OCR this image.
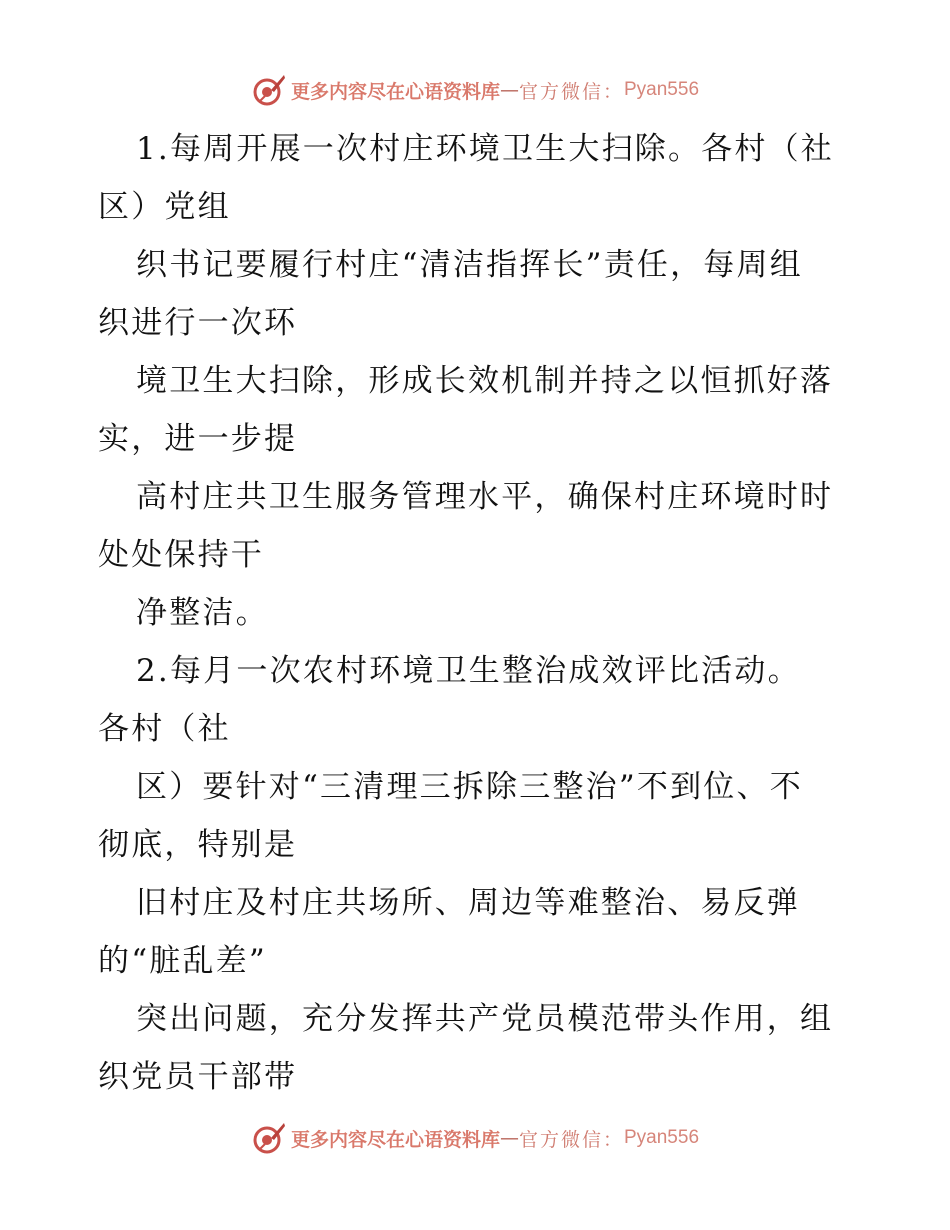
更多内容尽在心语资料库 — 官方微信： Pyan556
1.每周开展一次村庄环境卫生大扫除。各村（社
区）党组
织书记要履行村庄“清洁指挥长”责任，每周组
织进行一次环
境卫生大扫除，形成长效机制并持之以恒抓好落
实，进一步提
高村庄共卫生服务管理水平，确保村庄环境时时
处处保持干
净整洁。
2.每月一次农村环境卫生整治成效评比活动。
各村（社
区）要针对“三清理三拆除三整治”不到位、不
彻底，特别是
旧村庄及村庄共场所、周边等难整治、易反弹
的“脏乱差”
突出问题，充分发挥共产党员模范带头作用，组
织党员干部带
更多内容尽在心语资料库 — 官方微信： Pyan556
